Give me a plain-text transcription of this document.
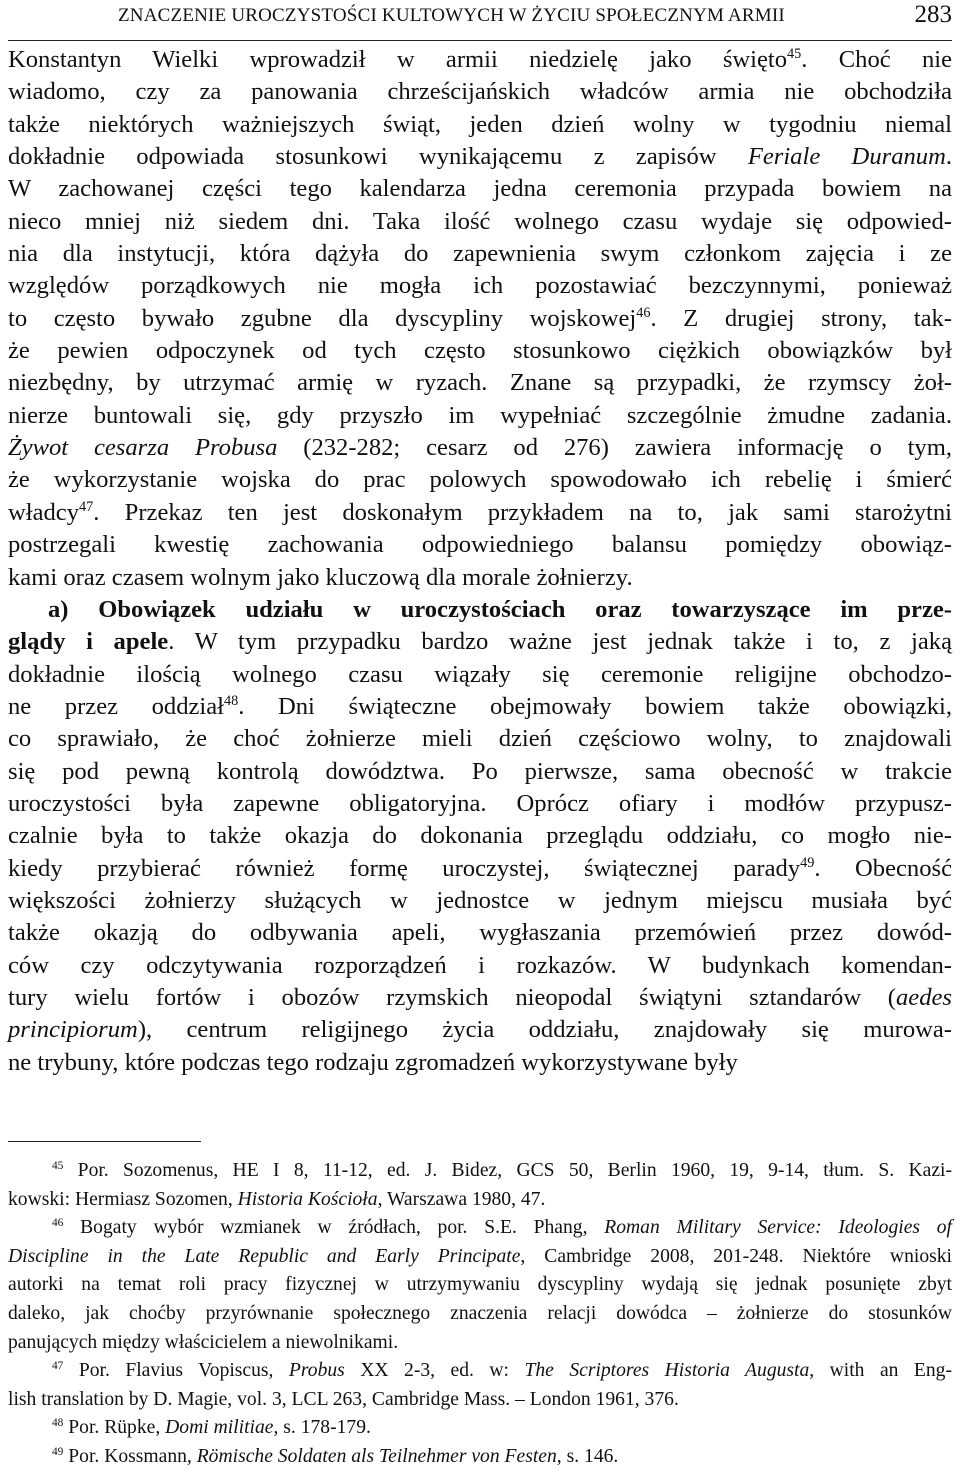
ZNACZENIE UROCZYSTOŚCI KULTOWYCH W ŻYCIU SPOŁECZNYM ARMII	283
Konstantyn Wielki wprowadził w armii niedzielę jako święto$^{45}$. Choć nie
wiadomo, czy za panowania chrześcijańskich władców armia nie obchodziła
także niektórych ważniejszych świąt, jeden dzień wolny w tygodniu niemal
dokładnie odpowiada stosunkowi wynikającemu z zapisów Feriale Duranum.
W zachowanej części tego kalendarza jedna ceremonia przypada bowiem na
nieco mniej niż siedem dni. Taka ilość wolnego czasu wydaje się odpowied-
nia dla instytucji, która dążyła do zapewnienia swym członkom zajęcia i ze
względów porządkowych nie mogła ich pozostawiać bezczynnymi, ponieważ
to często bywało zgubne dla dyscypliny wojskowej$^{46}$. Z drugiej strony, tak-
że pewien odpoczynek od tych często stosunkowo ciężkich obowiązków był
niezbędny, by utrzymać armię w ryzach. Znane są przypadki, że rzymscy żoł-
nierze buntowali się, gdy przyszło im wypełniać szczególnie żmudne zadania.
Żywot cesarza Probusa (232-282; cesarz od 276) zawiera informację o tym,
że wykorzystanie wojska do prac polowych spowodowało ich rebelię i śmierć
władcy$^{47}$. Przekaz ten jest doskonałym przykładem na to, jak sami starożytni
postrzegali kwestię zachowania odpowiedniego balansu pomiędzy obowiąz-
kami oraz czasem wolnym jako kluczową dla morale żołnierzy.
a) Obowiązek udziału w uroczystościach oraz towarzyszące im prze-
glądy i apele. W tym przypadku bardzo ważne jest jednak także i to, z jaką
dokładnie ilością wolnego czasu wiązały się ceremonie religijne obchodzo-
ne przez oddział$^{48}$. Dni świąteczne obejmowały bowiem także obowiązki,
co sprawiało, że choć żołnierze mieli dzień częściowo wolny, to znajdowali
się pod pewną kontrolą dowództwa. Po pierwsze, sama obecność w trakcie
uroczystości była zapewne obligatoryjna. Oprócz ofiary i modłów przypusz-
czalnie była to także okazja do dokonania przeglądu oddziału, co mogło nie-
kiedy przybierać również formę uroczystej, świątecznej parady$^{49}$. Obecność
większości żołnierzy służących w jednostce w jednym miejscu musiała być
także okazją do odbywania apeli, wygłaszania przemówień przez dowód-
ców czy odczytywania rozporządzeń i rozkazów. W budynkach komendan-
tury wielu fortów i obozów rzymskich nieopodal świątyni sztandarów (aedes
principiorum), centrum religijnego życia oddziału, znajdowały się murowa-
ne trybuny, które podczas tego rodzaju zgromadzeń wykorzystywane były
$^{45}$ Por. Sozomenus, HE I 8, 11-12, ed. J. Bidez, GCS 50, Berlin 1960, 19, 9-14, tłum. S. Kazi-
kowski: Hermiasz Sozomen, Historia Kościoła, Warszawa 1980, 47.
$^{46}$ Bogaty wybór wzmianek w źródłach, por. S.E. Phang, Roman Military Service: Ideologies of
Discipline in the Late Republic and Early Principate, Cambridge 2008, 201-248. Niektóre wnioski
autorki na temat roli pracy fizycznej w utrzymywaniu dyscypliny wydają się jednak posunięte zbyt
daleko, jak choćby przyrównanie społecznego znaczenia relacji dowódca – żołnierze do stosunków
panujących między właścicielem a niewolnikami.
$^{47}$ Por. Flavius Vopiscus, Probus XX 2-3, ed. w: The Scriptores Historia Augusta, with an Eng-
lish translation by D. Magie, vol. 3, LCL 263, Cambridge Mass. – London 1961, 376.
$^{48}$ Por. Rüpke, Domi militiae, s. 178-179.
$^{49}$ Por. Kossmann, Römische Soldaten als Teilnehmer von Festen, s. 146.
